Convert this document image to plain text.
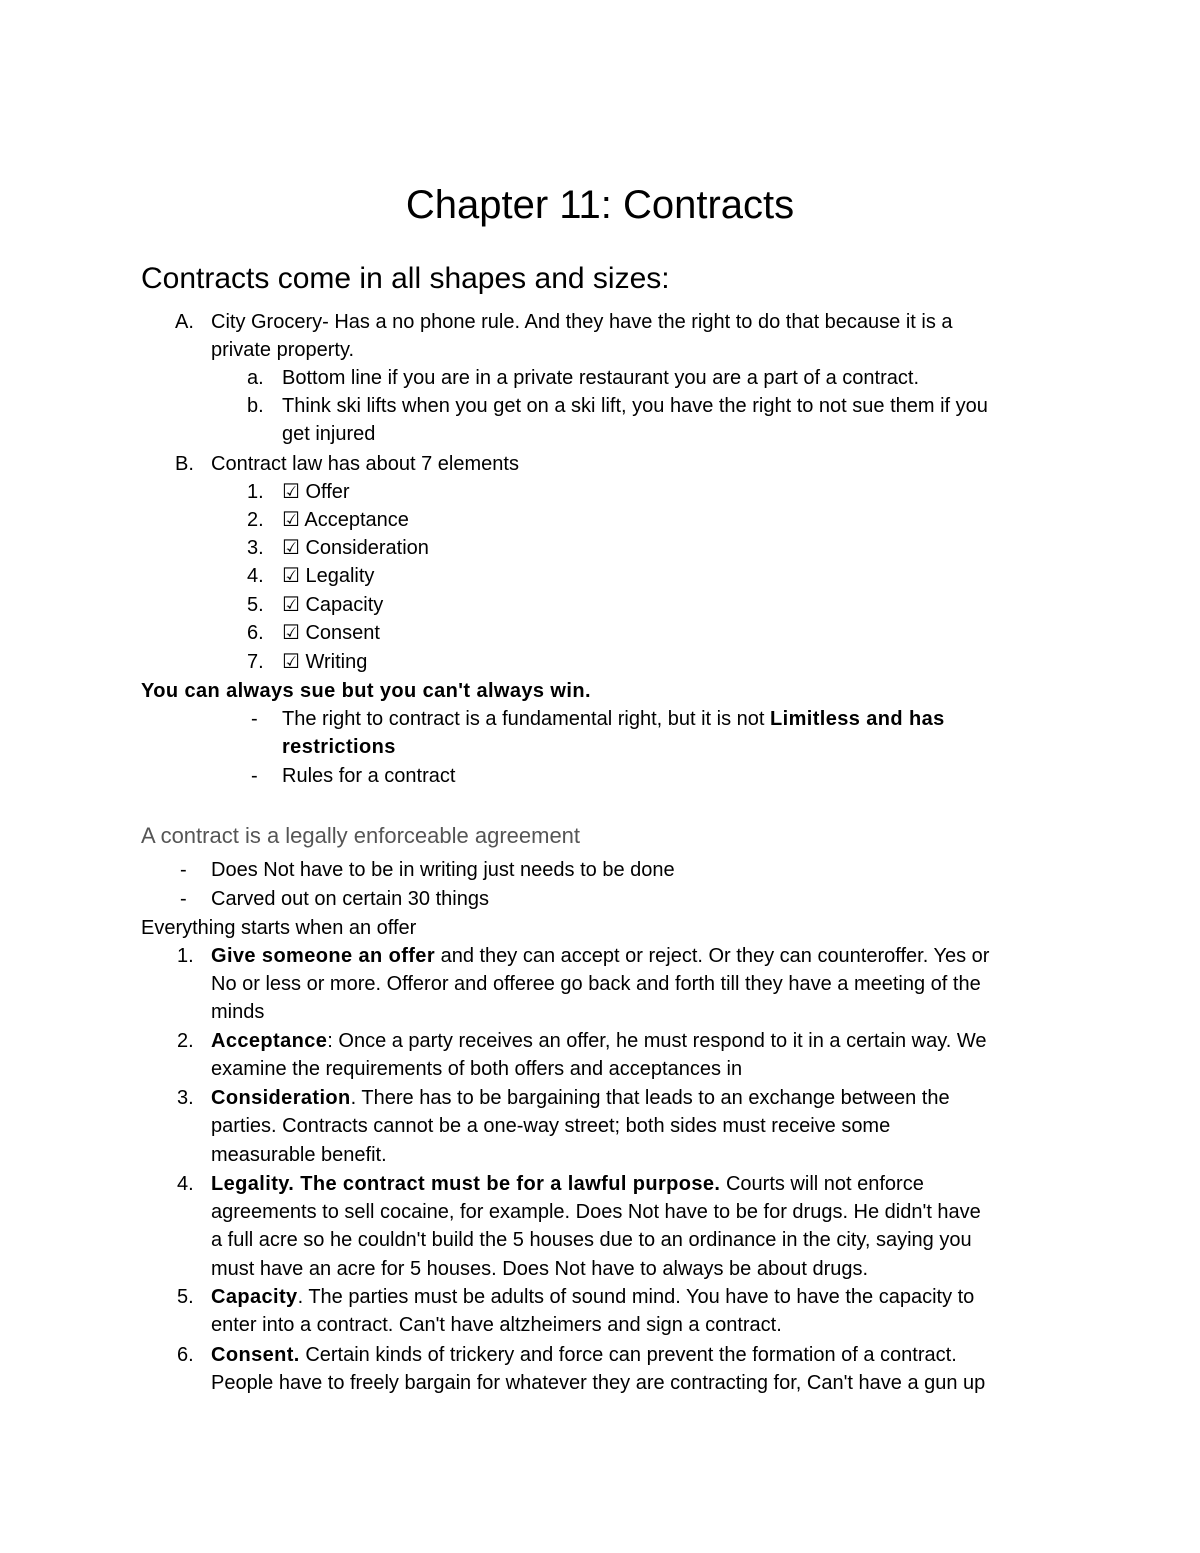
Chapter 11: Contracts
Contracts come in all shapes and sizes:
A. City Grocery- Has a no phone rule. And they have the right to do that because it is a
private property.
a. Bottom line if you are in a private restaurant you are a part of a contract.
b. Think ski lifts when you get on a ski lift, you have the right to not sue them if you
get injured
B. Contract law has about 7 elements
1. ☑ Offer
2. ☑ Acceptance
3. ☑ Consideration
4. ☑ Legality
5. ☑ Capacity
6. ☑ Consent
7. ☑ Writing
You can always sue but you can't always win.
- The right to contract is a fundamental right, but it is not Limitless and has
restrictions
- Rules for a contract
A contract is a legally enforceable agreement
- Does Not have to be in writing just needs to be done
- Carved out on certain 30 things
Everything starts when an offer
1. Give someone an offer and they can accept or reject. Or they can counteroffer. Yes or
No or less or more. Offeror and offeree go back and forth till they have a meeting of the
minds
2. Acceptance: Once a party receives an offer, he must respond to it in a certain way. We
examine the requirements of both offers and acceptances in
3. Consideration. There has to be bargaining that leads to an exchange between the
parties. Contracts cannot be a one-way street; both sides must receive some
measurable benefit.
4. Legality. The contract must be for a lawful purpose. Courts will not enforce
agreements to sell cocaine, for example. Does Not have to be for drugs. He didn't have
a full acre so he couldn't build the 5 houses due to an ordinance in the city, saying you
must have an acre for 5 houses. Does Not have to always be about drugs.
5. Capacity. The parties must be adults of sound mind. You have to have the capacity to
enter into a contract. Can't have altzheimers and sign a contract.
6. Consent. Certain kinds of trickery and force can prevent the formation of a contract.
People have to freely bargain for whatever they are contracting for, Can't have a gun up
